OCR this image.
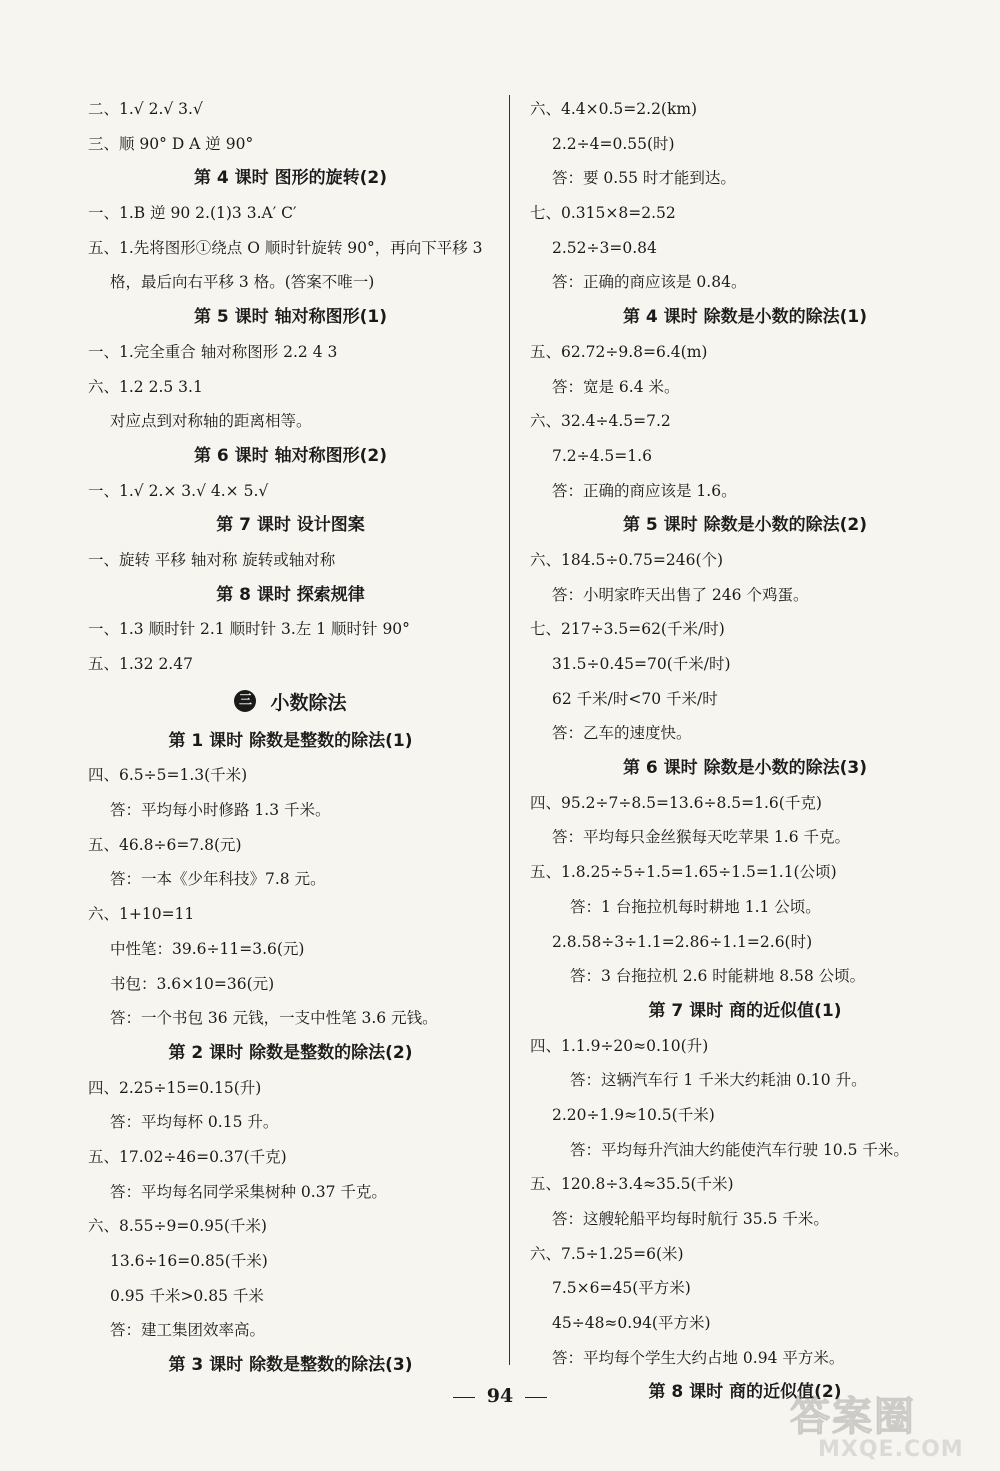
二、1.√ 2.√ 3.√
三、顺 90° D A 逆 90°
第 4 课时 图形的旋转(2)
一、1.B 逆 90 2.(1)3 3.A′ C′
五、1.先将图形①绕点 O 顺时针旋转 90°，再向下平移 3
格，最后向右平移 3 格。(答案不唯一)
第 5 课时 轴对称图形(1)
一、1.完全重合 轴对称图形 2.2 4 3
六、1.2 2.5 3.1
对应点到对称轴的距离相等。
第 6 课时 轴对称图形(2)
一、1.√ 2.× 3.√ 4.× 5.√
第 7 课时 设计图案
一、旋转 平移 轴对称 旋转或轴对称
第 8 课时 探索规律
一、1.3 顺时针 2.1 顺时针 3.左 1 顺时针 90°
五、1.32 2.47
三 小数除法
第 1 课时 除数是整数的除法(1)
四、6.5÷5=1.3(千米)
答：平均每小时修路 1.3 千米。
五、46.8÷6=7.8(元)
答：一本《少年科技》7.8 元。
六、1+10=11
中性笔：39.6÷11=3.6(元)
书包：3.6×10=36(元)
答：一个书包 36 元钱，一支中性笔 3.6 元钱。
第 2 课时 除数是整数的除法(2)
四、2.25÷15=0.15(升)
答：平均每杯 0.15 升。
五、17.02÷46=0.37(千克)
答：平均每名同学采集树种 0.37 千克。
六、8.55÷9=0.95(千米)
13.6÷16=0.85(千米)
0.95 千米>0.85 千米
答：建工集团效率高。
第 3 课时 除数是整数的除法(3)
六、4.4×0.5=2.2(km)
2.2÷4=0.55(时)
答：要 0.55 时才能到达。
七、0.315×8=2.52
2.52÷3=0.84
答：正确的商应该是 0.84。
第 4 课时 除数是小数的除法(1)
五、62.72÷9.8=6.4(m)
答：宽是 6.4 米。
六、32.4÷4.5=7.2
7.2÷4.5=1.6
答：正确的商应该是 1.6。
第 5 课时 除数是小数的除法(2)
六、184.5÷0.75=246(个)
答：小明家昨天出售了 246 个鸡蛋。
七、217÷3.5=62(千米/时)
31.5÷0.45=70(千米/时)
62 千米/时<70 千米/时
答：乙车的速度快。
第 6 课时 除数是小数的除法(3)
四、95.2÷7÷8.5=13.6÷8.5=1.6(千克)
答：平均每只金丝猴每天吃苹果 1.6 千克。
五、1.8.25÷5÷1.5=1.65÷1.5=1.1(公顷)
答：1 台拖拉机每时耕地 1.1 公顷。
2.8.58÷3÷1.1=2.86÷1.1=2.6(时)
答：3 台拖拉机 2.6 时能耕地 8.58 公顷。
第 7 课时 商的近似值(1)
四、1.1.9÷20≈0.10(升)
答：这辆汽车行 1 千米大约耗油 0.10 升。
2.20÷1.9≈10.5(千米)
答：平均每升汽油大约能使汽车行驶 10.5 千米。
五、120.8÷3.4≈35.5(千米)
答：这艘轮船平均每时航行 35.5 千米。
六、7.5÷1.25=6(米)
7.5×6=45(平方米)
45÷48≈0.94(平方米)
答：平均每个学生大约占地 0.94 平方米。
第 8 课时 商的近似值(2)
94	答案圈
MXQE.COM
